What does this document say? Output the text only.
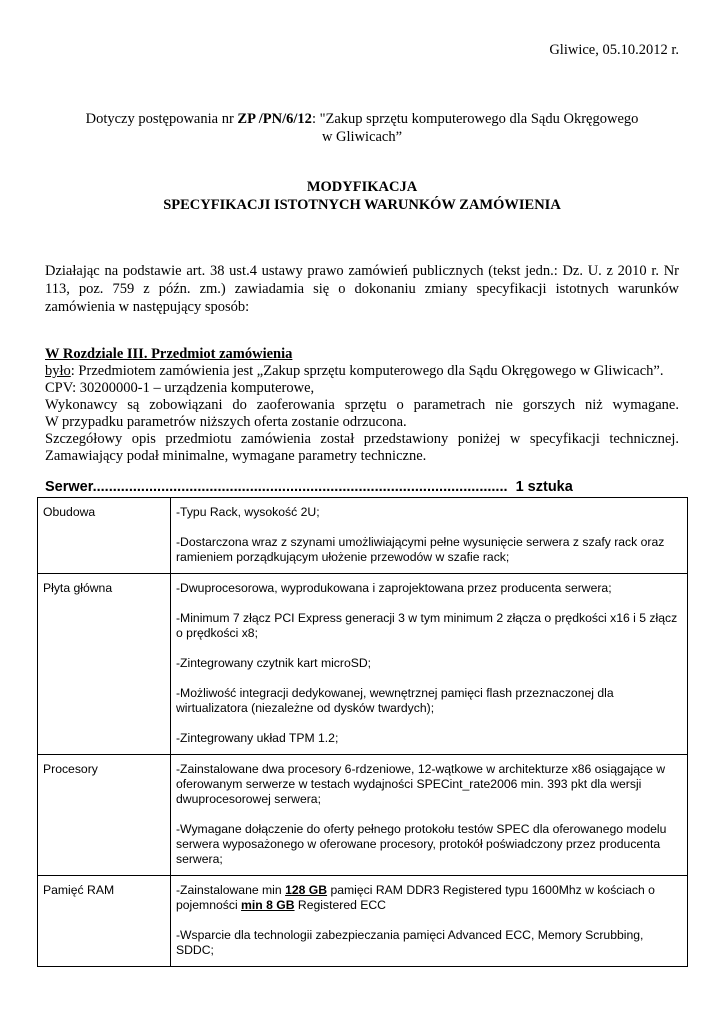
Gliwice, 05.10.2012 r.
Dotyczy postępowania nr ZP /PN/6/12: "Zakup sprzętu komputerowego dla Sądu Okręgowego w Gliwicach”
MODYFIKACJA
SPECYFIKACJI ISTOTNYCH WARUNKÓW ZAMÓWIENIA
Działając na podstawie art. 38 ust.4 ustawy prawo zamówień publicznych (tekst jedn.: Dz. U. z 2010 r. Nr 113, poz. 759 z późn. zm.) zawiadamia się o dokonaniu zmiany specyfikacji istotnych warunków zamówienia w następujący sposób:
W Rozdziale III. Przedmiot zamówienia
było: Przedmiotem zamówienia jest „Zakup sprzętu komputerowego dla Sądu Okręgowego w Gliwicach”.
CPV: 30200000-1 – urządzenia komputerowe,
Wykonawcy są zobowiązani do zaoferowania sprzętu o parametrach nie gorszych niż wymagane.
W przypadku parametrów niższych oferta zostanie odrzucona.
Szczegółowy opis przedmiotu zamówienia został przedstawiony poniżej w specyfikacji technicznej.
Zamawiający podał minimalne, wymagane parametry techniczne.
Serwer....................................................................................................... 1 sztuka
Obudowa	-Typu Rack, wysokość 2U;
-Dostarczona wraz z szynami umożliwiającymi pełne wysunięcie serwera z szafy rack oraz ramieniem porządkującym ułożenie przewodów w szafie rack;

Płyta główna	-Dwuprocesorowa, wyprodukowana i zaprojektowana przez producenta serwera;
-Minimum 7 złącz PCI Express generacji 3 w tym minimum 2 złącza o prędkości x16 i 5 złącz o prędkości x8;
-Zintegrowany czytnik kart microSD;
-Możliwość integracji dedykowanej, wewnętrznej pamięci flash przeznaczonej dla wirtualizatora (niezależne od dysków twardych);
-Zintegrowany układ TPM 1.2;

Procesory	-Zainstalowane dwa procesory 6-rdzeniowe, 12-wątkowe w architekturze x86 osiągające w oferowanym serwerze w testach wydajności SPECint_rate2006 min. 393 pkt dla wersji dwuprocesorowej serwera;
-Wymagane dołączenie do oferty pełnego protokołu testów SPEC dla oferowanego modelu serwera wyposażonego w oferowane procesory, protokół poświadczony przez producenta serwera;

Pamięć RAM	-Zainstalowane min 128 GB pamięci RAM DDR3 Registered typu 1600Mhz w kościach o pojemności min 8 GB Registered ECC
-Wsparcie dla technologii zabezpieczania pamięci Advanced ECC, Memory Scrubbing, SDDC;
